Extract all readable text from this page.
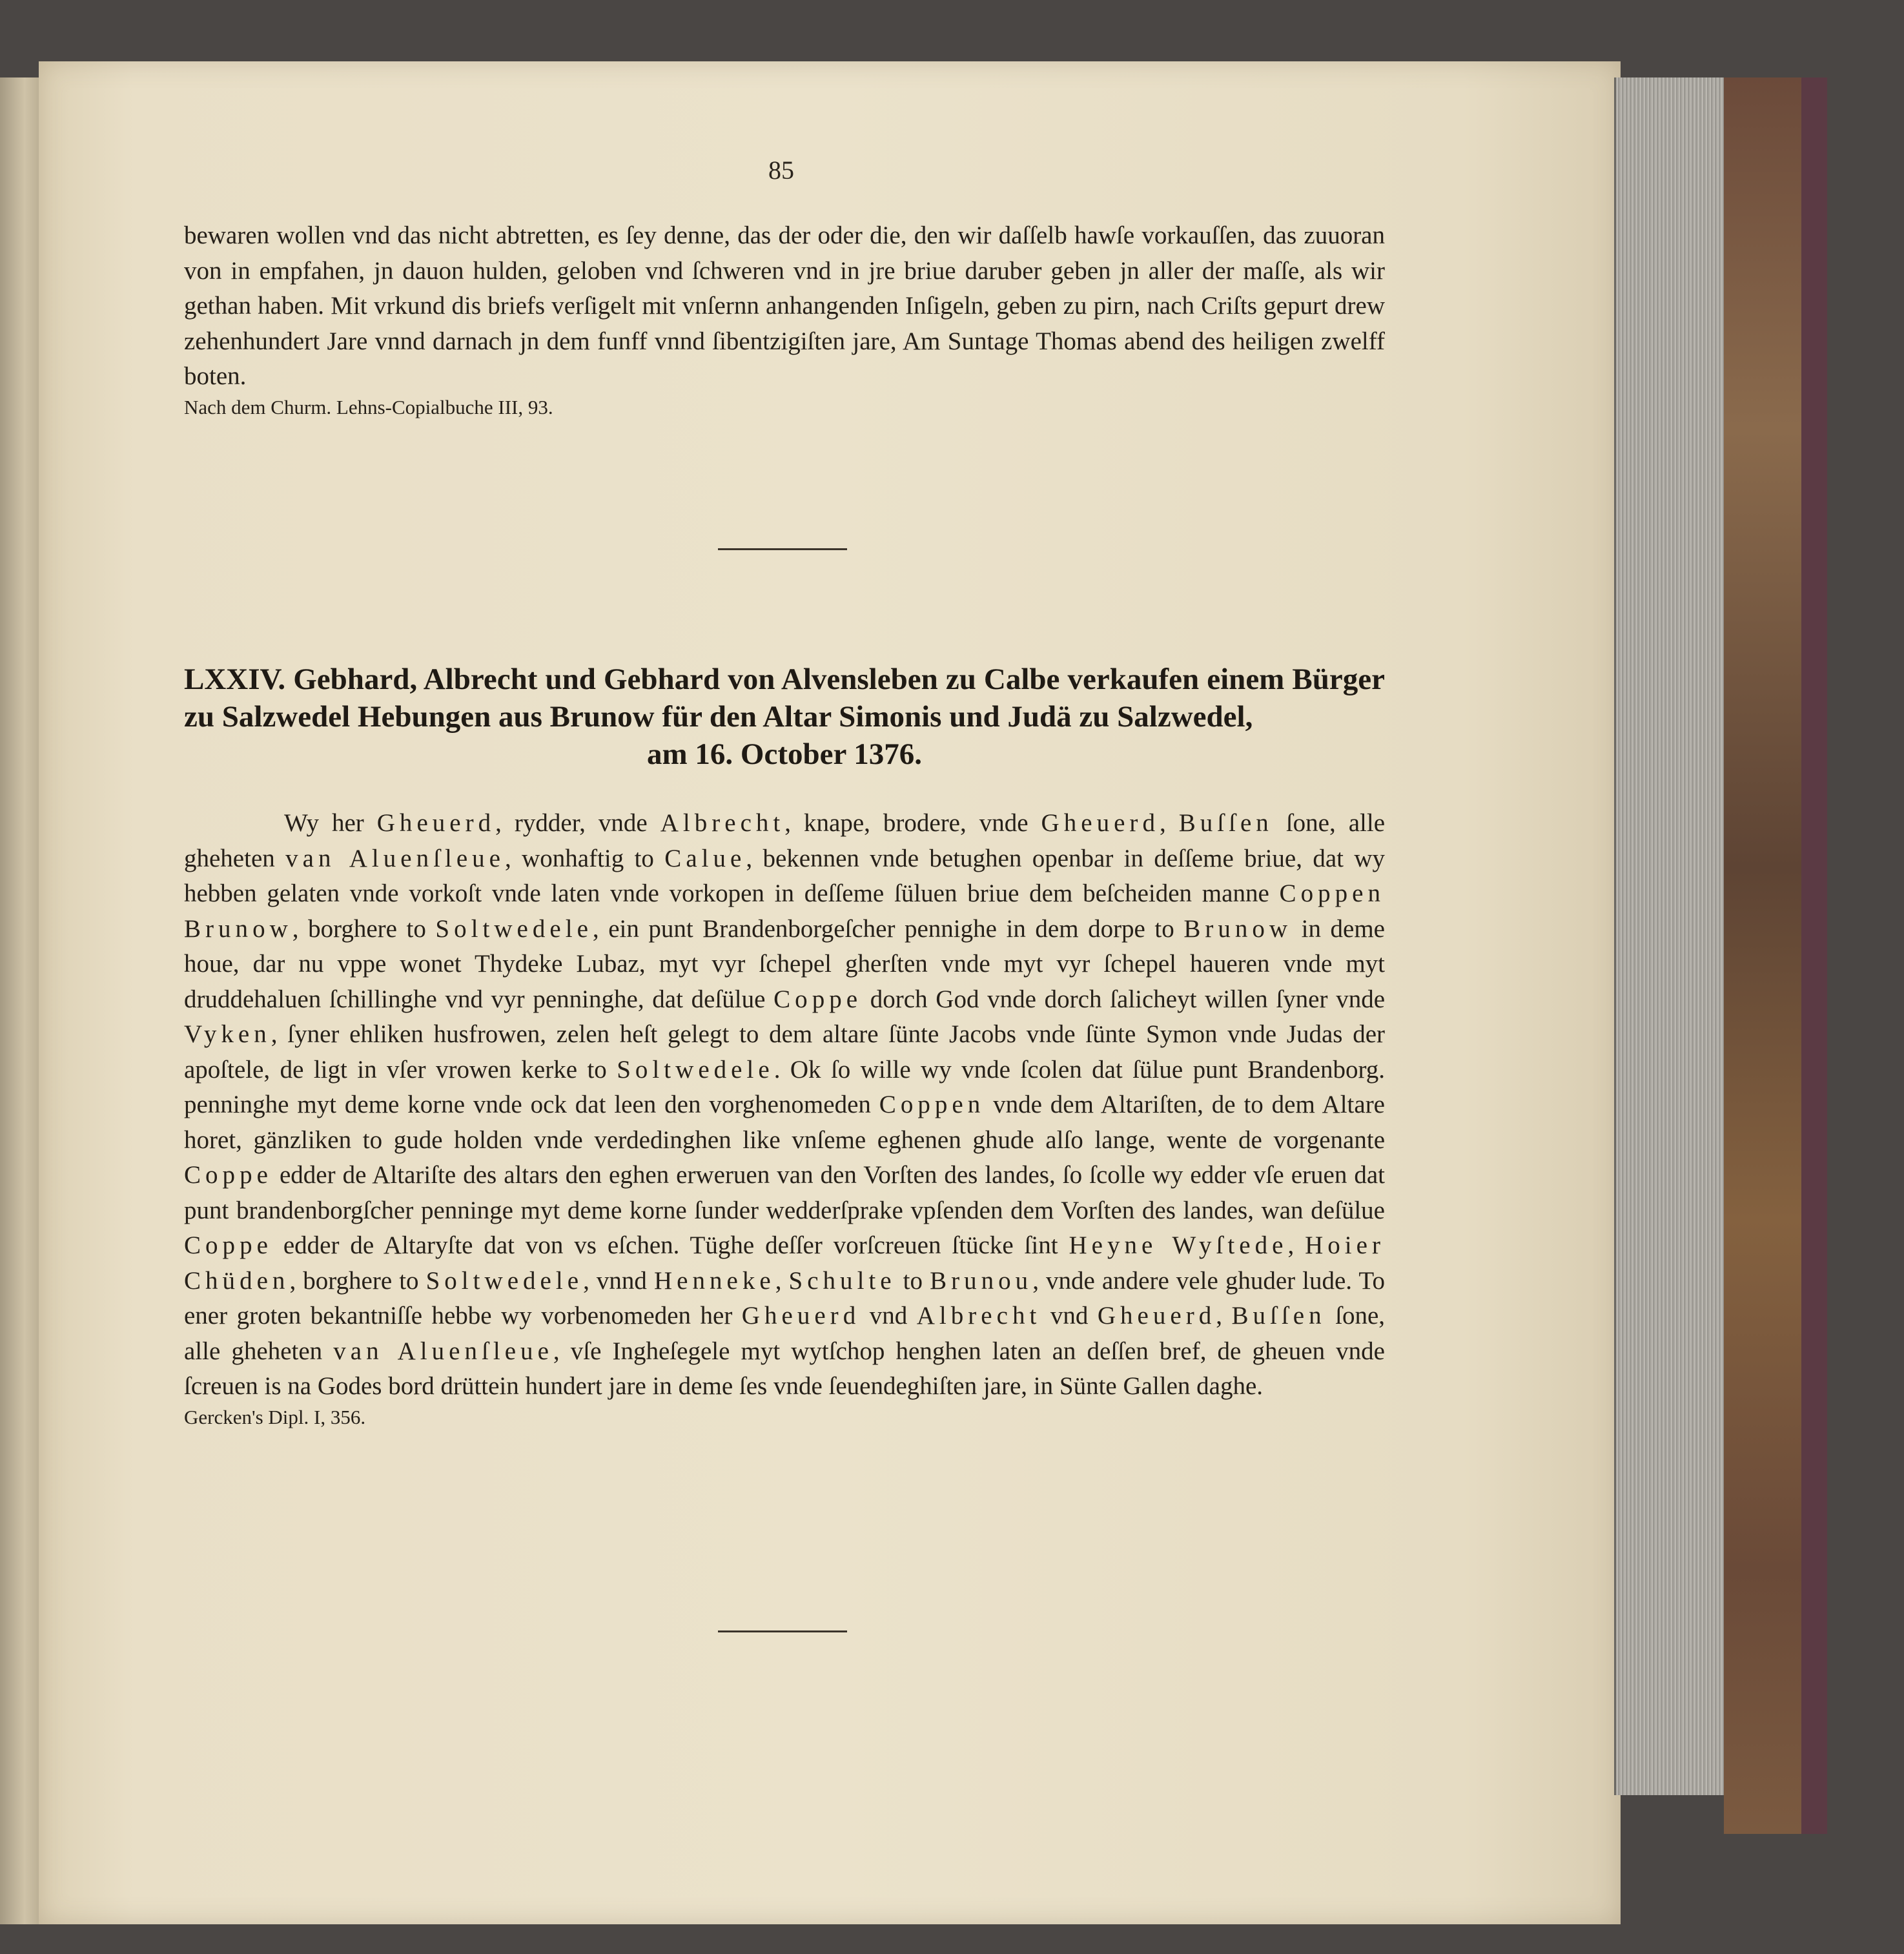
85

bewaren wollen vnd das nicht abtretten, es ſey denne, das der oder die, den wir daſſelb hawſe vorkauſſen, das zuuoran von in empfahen, jn dauon hulden, geloben vnd ſchweren vnd in jre briue daruber geben jn aller der maſſe, als wir gethan haben. Mit vrkund dis briefs verſigelt mit vnſernn anhangenden Inſigeln, geben zu pirn, nach Criſts gepurt drew zehenhundert Jare vnnd darnach jn dem funff vnnd ſibentzigiſten jare, Am Suntage Thomas abend des heiligen zwelff boten.

Nach dem Churm. Lehns-Copialbuche III, 93.

LXXIV. Gebhard, Albrecht und Gebhard von Alvensleben zu Calbe verkaufen einem Bürger zu Salzwedel Hebungen aus Brunow für den Altar Simonis und Judä zu Salzwedel,
am 16. October 1376.

Wy her Gheuerd, rydder, vnde Albrecht, knape, brodere, vnde Gheuerd, Buſſen ſone, alle gheheten van Aluenſleue, wonhaftig to Calue, bekennen vnde betughen openbar in deſſeme briue, dat wy hebben gelaten vnde vorkoſt vnde laten vnde vorkopen in deſſeme ſüluen briue dem beſcheiden manne Coppen Brunow, borghere to Soltwedele, ein punt Brandenborgeſcher pennighe in dem dorpe to Brunow in deme houe, dar nu vppe wonet Thydeke Lubaz, myt vyr ſchepel gherſten vnde myt vyr ſchepel haueren vnde myt druddehaluen ſchillinghe vnd vyr penninghe, dat deſülue Coppe dorch God vnde dorch ſalicheyt willen ſyner vnde Vyken, ſyner ehliken husfrowen, zelen heſt gelegt to dem altare ſünte Jacobs vnde ſünte Symon vnde Judas der apoſtele, de ligt in vſer vrowen kerke to Soltwedele. Ok ſo wille wy vnde ſcolen dat ſülue punt Brandenborg. penninghe myt deme korne vnde ock dat leen den vorghenomeden Coppen vnde dem Altariſten, de to dem Altare horet, gänzliken to gude holden vnde verdedinghen like vnſeme eghenen ghude alſo lange, wente de vorgenante Coppe edder de Altariſte des altars den eghen erweruen van den Vorſten des landes, ſo ſcolle wy edder vſe eruen dat punt brandenborgſcher penninge myt deme korne ſunder wedderſprake vpſenden dem Vorſten des landes, wan deſülue Coppe edder de Altaryſte dat von vs eſchen. Tüghe deſſer vorſcreuen ſtücke ſint Heyne Wyſtede, Hoier Chüden, borghere to Soltwedele, vnnd Henneke, Schulte to Brunou, vnde andere vele ghuder lude. To ener groten bekantniſſe hebbe wy vorbenomeden her Gheuerd vnd Albrecht vnd Gheuerd, Buſſen ſone, alle gheheten van Aluenſleue, vſe Ingheſegele myt wytſchop henghen laten an deſſen bref, de gheuen vnde ſcreuen is na Godes bord drüttein hundert jare in deme ſes vnde ſeuendeghiſten jare, in Sünte Gallen daghe.

Gercken's Dipl. I, 356.
